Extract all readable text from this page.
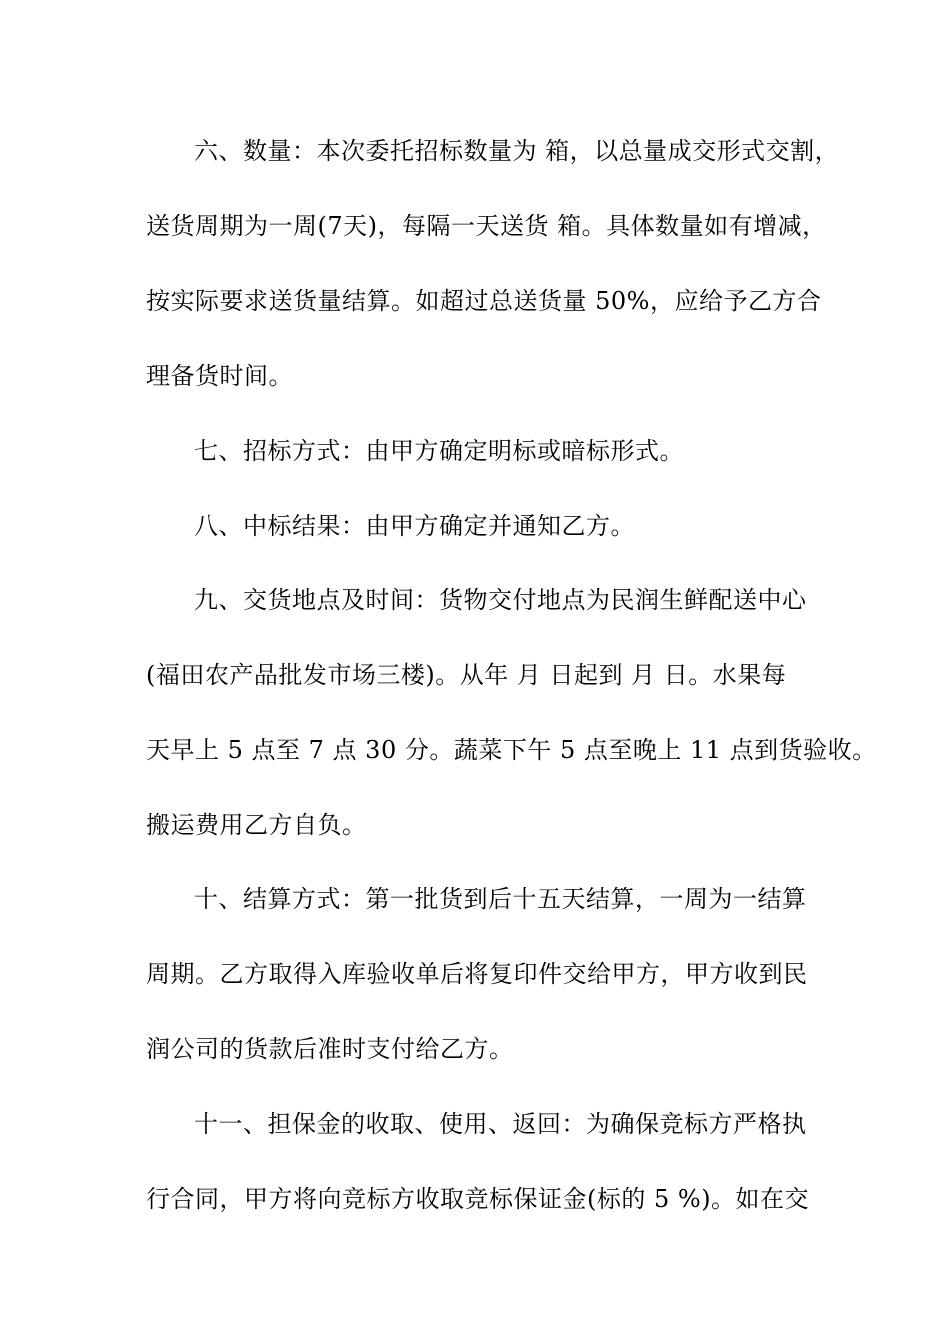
六、数量：本次委托招标数量为 箱，以总量成交形式交割，
送货周期为一周(7天)，每隔一天送货 箱。具体数量如有增减，
按实际要求送货量结算。如超过总送货量 50%，应给予乙方合
理备货时间。
七、招标方式：由甲方确定明标或暗标形式。
八、中标结果：由甲方确定并通知乙方。
九、交货地点及时间：货物交付地点为民润生鲜配送中心
(福田农产品批发市场三楼)。从年 月 日起到 月 日。水果每
天早上 5 点至 7 点 30 分。蔬菜下午 5 点至晚上 11 点到货验收。
搬运费用乙方自负。
十、结算方式：第一批货到后十五天结算，一周为一结算
周期。乙方取得入库验收单后将复印件交给甲方，甲方收到民
润公司的货款后准时支付给乙方。
十一、担保金的收取、使用、返回：为确保竞标方严格执
行合同，甲方将向竞标方收取竞标保证金(标的 5 %)。如在交
